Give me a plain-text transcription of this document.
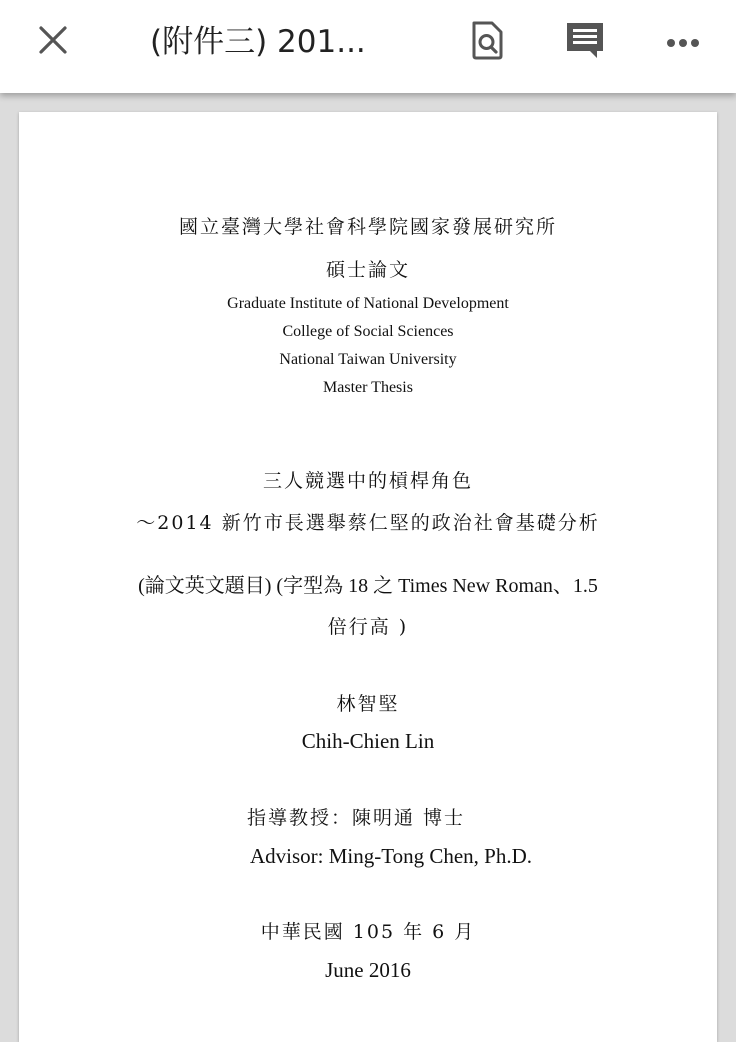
(附件三) 201...
國立臺灣大學社會科學院國家發展研究所
碩士論文
Graduate Institute of National Development
College of Social Sciences
National Taiwan University
Master Thesis
三人競選中的槓桿角色
～2014 新竹市長選舉蔡仁堅的政治社會基礎分析
(論文英文題目) (字型為 18 之 Times New Roman、1.5
倍行高 )
林智堅
Chih-Chien Lin
指導教授：陳明通 博士
Advisor: Ming-Tong Chen, Ph.D.
中華民國 105 年 6 月
June 2016
